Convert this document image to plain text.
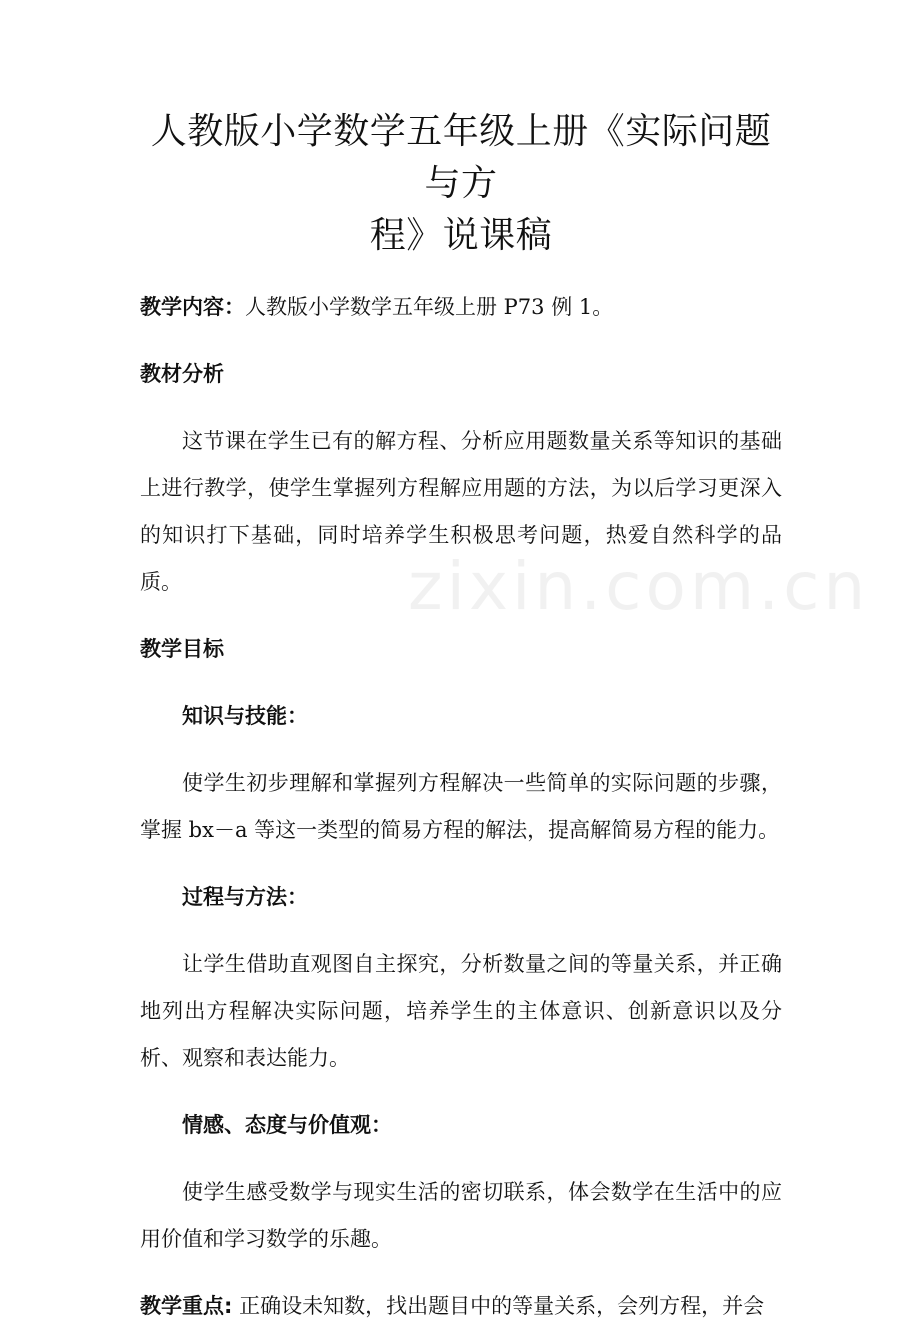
人教版小学数学五年级上册《实际问题与方
程》说课稿

教学内容：人教版小学数学五年级上册 P73 例 1。

教材分析

这节课在学生已有的解方程、分析应用题数量关系等知识的基础上进行教学，使学生掌握列方程解应用题的方法，为以后学习更深入的知识打下基础，同时培养学生积极思考问题，热爱自然科学的品质。

教学目标

知识与技能：

使学生初步理解和掌握列方程解决一些简单的实际问题的步骤，掌握 bx－a 等这一类型的简易方程的解法，提高解简易方程的能力。

过程与方法：

让学生借助直观图自主探究，分析数量之间的等量关系，并正确地列出方程解决实际问题，培养学生的主体意识、创新意识以及分析、观察和表达能力。

情感、态度与价值观：

使学生感受数学与现实生活的密切联系，体会数学在生活中的应用价值和学习数学的乐趣。

教学重点: 正确设未知数，找出题目中的等量关系，会列方程，并会

zixin.com.cn
